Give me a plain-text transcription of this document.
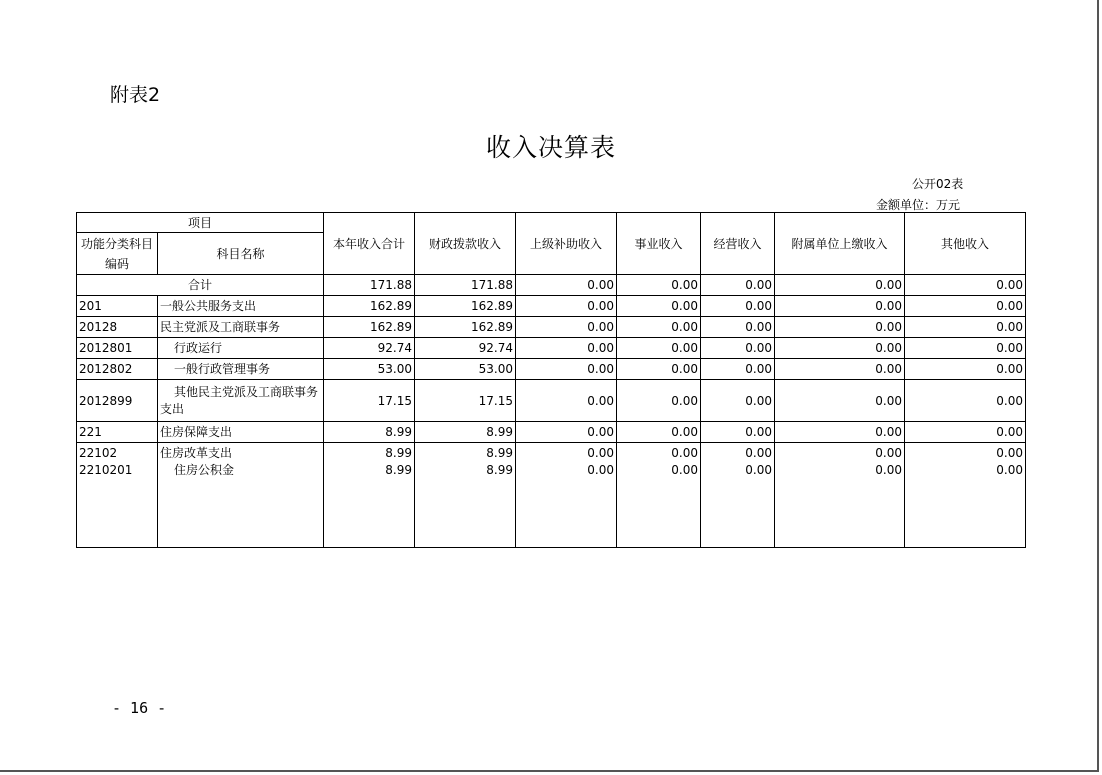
附表2
收入决算表
公开02表
金额单位：万元
项目		本年收入合计	财政拨款收入	上级补助收入	事业收入	经营收入	附属单位上缴收入	其他收入
功能分类科目编码	科目名称							
合计		171.88	171.88	0.00	0.00	0.00	0.00	0.00
201	一般公共服务支出	162.89	162.89	0.00	0.00	0.00	0.00	0.00
20128	民主党派及工商联事务	162.89	162.89	0.00	0.00	0.00	0.00	0.00
2012801	行政运行	92.74	92.74	0.00	0.00	0.00	0.00	0.00
2012802	一般行政管理事务	53.00	53.00	0.00	0.00	0.00	0.00	0.00
2012899	其他民主党派及工商联事务支出	17.15	17.15	0.00	0.00	0.00	0.00	0.00
221	住房保障支出	8.99	8.99	0.00	0.00	0.00	0.00	0.00
22102	住房改革支出	8.99	8.99	0.00	0.00	0.00	0.00	0.00
2210201	住房公积金	8.99	8.99	0.00	0.00	0.00	0.00	0.00
- 16 -
